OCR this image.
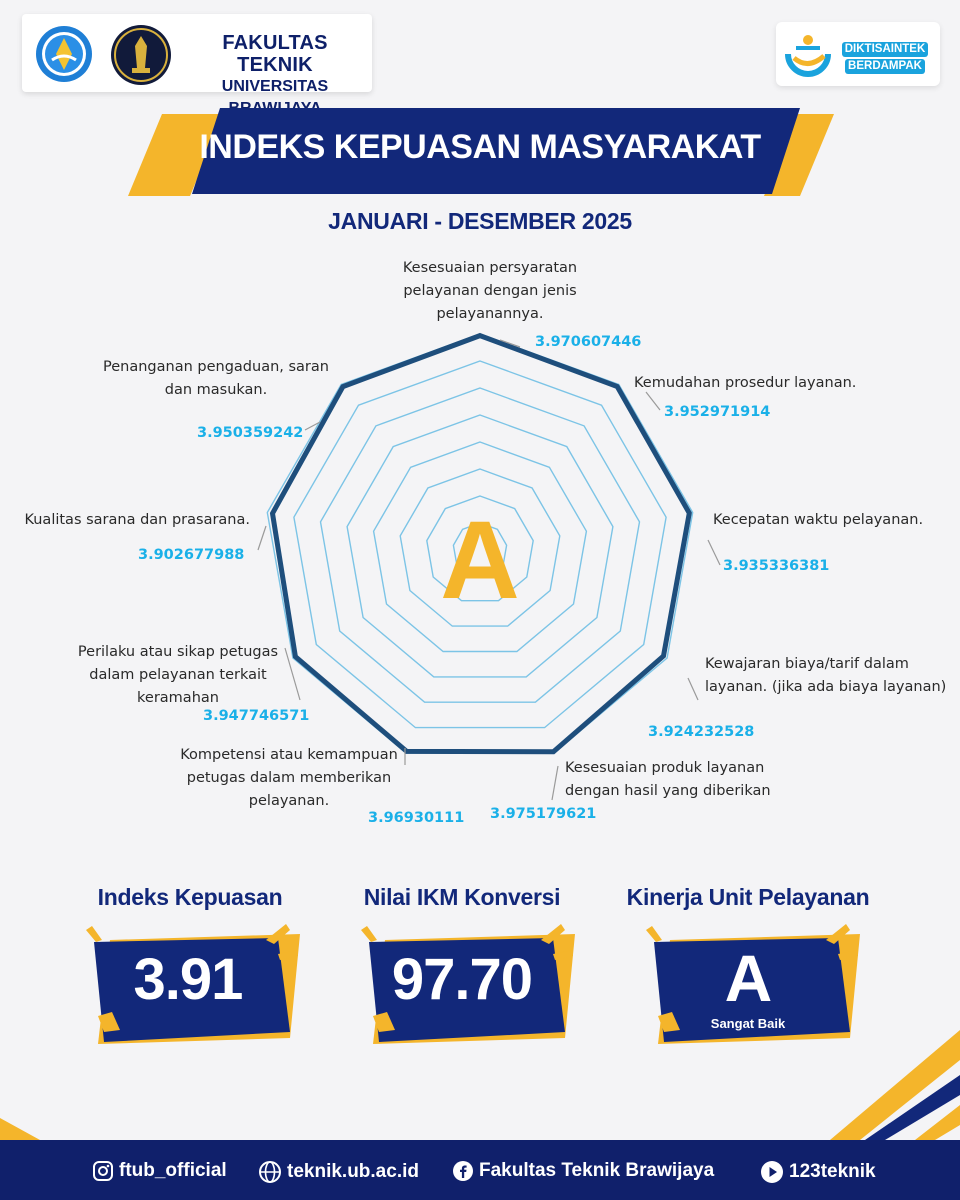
FAKULTAS TEKNIK
UNIVERSITAS
DIKTISAINTEK
BERDAMPAK
INDEKS KEPUASAN MASYARAKAT
JANUARI - DESEMBER 2025
A
Kesesuaian persyaratan pelayanan dengan jenis pelayanannya.
3.970607446
Kemudahan prosedur layanan.
3.952971914
Kecepatan waktu pelayanan.
3.935336381
Kewajaran biaya/tarif dalam layanan. (jika ada biaya layanan)
3.924232528
Kesesuaian produk layanan dengan hasil yang diberikan
3.975179621
Kompetensi atau kemampuan petugas dalam memberikan pelayanan.
3.96930111
Perilaku atau sikap petugas dalam pelayanan terkait keramahan
3.947746571
Kualitas sarana dan prasarana.
3.902677988
Penanganan pengaduan, saran dan masukan.
3.950359242
Indeks Kepuasan	Nilai IKM Konversi	Kinerja Unit Pelayanan
3.91	97.70	A
Sangat Baik
ftub_official	teknik.ub.ac.id	Fakultas Teknik Brawijaya	123teknik
